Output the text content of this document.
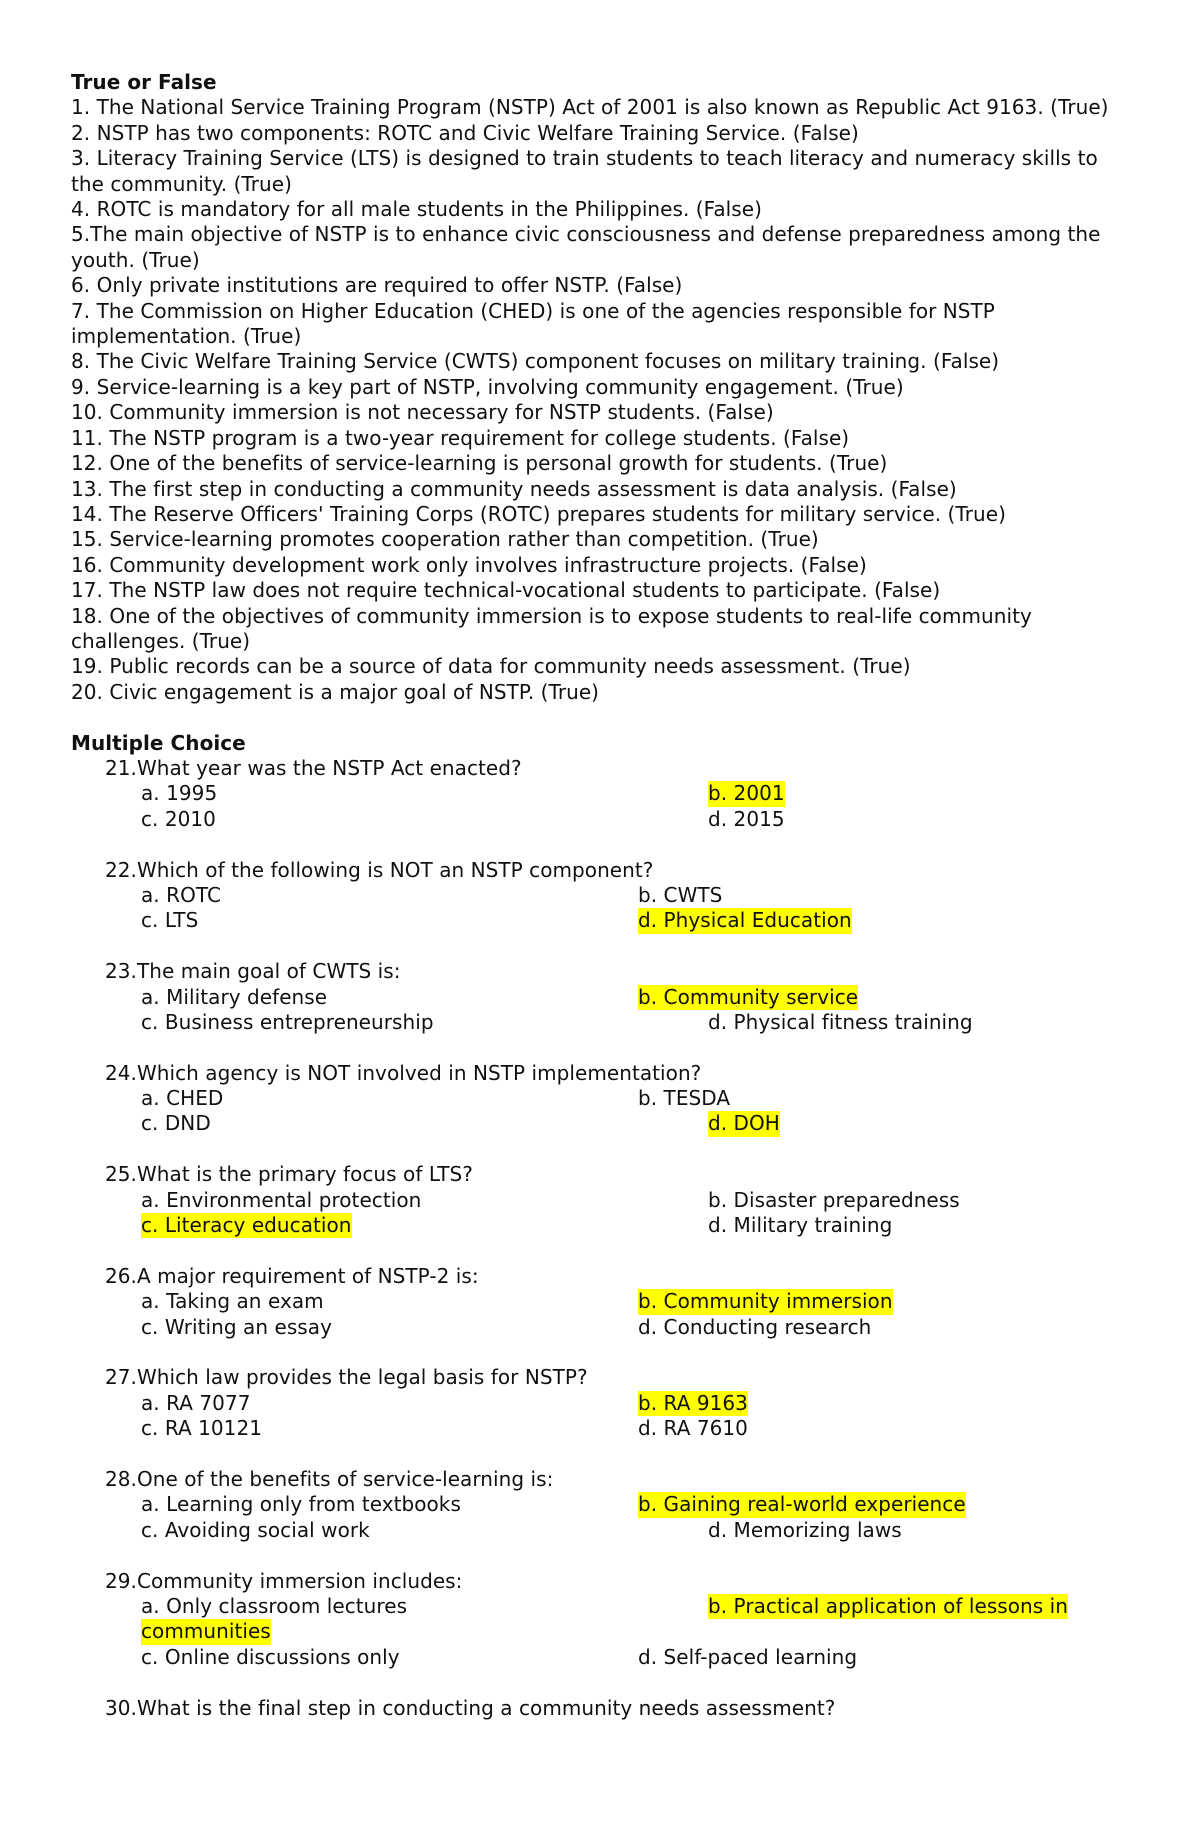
True or False
1. The National Service Training Program (NSTP) Act of 2001 is also known as Republic Act 9163. (True)
2. NSTP has two components: ROTC and Civic Welfare Training Service. (False)
3. Literacy Training Service (LTS) is designed to train students to teach literacy and numeracy skills to the community. (True)
4. ROTC is mandatory for all male students in the Philippines. (False)
5.The main objective of NSTP is to enhance civic consciousness and defense preparedness among the youth. (True)
6. Only private institutions are required to offer NSTP. (False)
7. The Commission on Higher Education (CHED) is one of the agencies responsible for NSTP implementation. (True)
8. The Civic Welfare Training Service (CWTS) component focuses on military training. (False)
9. Service-learning is a key part of NSTP, involving community engagement. (True)
10. Community immersion is not necessary for NSTP students. (False)
11. The NSTP program is a two-year requirement for college students. (False)
12. One of the benefits of service-learning is personal growth for students. (True)
13. The first step in conducting a community needs assessment is data analysis. (False)
14. The Reserve Officers' Training Corps (ROTC) prepares students for military service. (True)
15. Service-learning promotes cooperation rather than competition. (True)
16. Community development work only involves infrastructure projects. (False)
17. The NSTP law does not require technical-vocational students to participate. (False)
18. One of the objectives of community immersion is to expose students to real-life community challenges. (True)
19. Public records can be a source of data for community needs assessment. (True)
20. Civic engagement is a major goal of NSTP. (True)
Multiple Choice
21.What year was the NSTP Act enacted?
a. 1995	b. 2001
c. 2010	d. 2015
22.Which of the following is NOT an NSTP component?
a. ROTC	b. CWTS
c. LTS	d. Physical Education
23.The main goal of CWTS is:
a. Military defense	b. Community service
c. Business entrepreneurship	d. Physical fitness training
24.Which agency is NOT involved in NSTP implementation?
a. CHED	b. TESDA
c. DND	d. DOH
25.What is the primary focus of LTS?
a. Environmental protection	b. Disaster preparedness
c. Literacy education	d. Military training
26.A major requirement of NSTP-2 is:
a. Taking an exam	b. Community immersion
c. Writing an essay	d. Conducting research
27.Which law provides the legal basis for NSTP?
a. RA 7077	b. RA 9163
c. RA 10121	d. RA 7610
28.One of the benefits of service-learning is:
a. Learning only from textbooks	b. Gaining real-world experience
c. Avoiding social work	d. Memorizing laws
29.Community immersion includes:
a. Only classroom lectures	b. Practical application of lessons in
communities
c. Online discussions only	d. Self-paced learning
30.What is the final step in conducting a community needs assessment?
